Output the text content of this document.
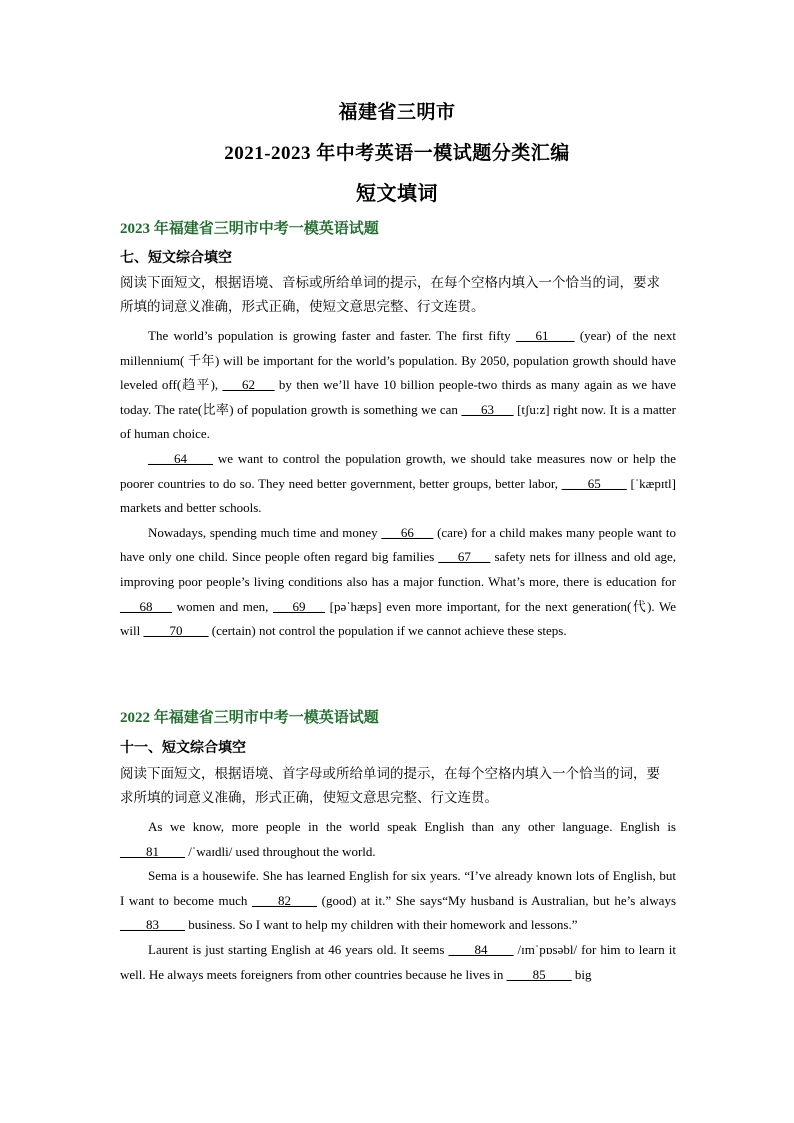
福建省三明市
2021-2023 年中考英语一模试题分类汇编
短文填词
2023 年福建省三明市中考一模英语试题
七、短文综合填空

阅读下面短文，根据语境、音标或所给单词的提示，在每个空格内填入一个恰当的词，要求

所填的词意义准确，形式正确，使短文意思完整、行文连贯。

The world’s population is growing faster and faster. The first fifty ___61____ (year) of the next millennium( 千年) will be important for the world’s population. By 2050, population growth should have leveled off(趋平), ___62___ by then we’ll have 10 billion people-two thirds as many again as we have today. The rate(比率) of population growth is something we can ___63___ [tʃu:z] right now. It is a matter of human choice.

____64____ we want to control the population growth, we should take measures now or help the poorer countries to do so. They need better government, better groups, better labor, ____65____ [ˈkæpɪtl] markets and better schools.

Nowadays, spending much time and money ___66___ (care) for a child makes many people want to have only one child. Since people often regard big families ___67___ safety nets for illness and old age, improving poor people’s living conditions also has a major function. What’s more, there is education for ___68___ women and men, ___69___ [pəˈhæps] even more important, for the next generation(代). We will ____70____ (certain) not control the population if we cannot achieve these steps.

2022 年福建省三明市中考一模英语试题
十一、短文综合填空

阅读下面短文，根据语境、首字母或所给单词的提示，在每个空格内填入一个恰当的词，要

求所填的词意义准确，形式正确，使短文意思完整、行文连贯。

As we know, more people in the world speak English than any other language. English is ____81____ /ˈwaɪdli/ used throughout the world.

Sema is a housewife. She has learned English for six years. “I’ve already known lots of English, but I want to become much ____82____ (good) at it.” She says“My husband is Australian, but he’s always ____83____ business. So I want to help my children with their homework and lessons.”

Laurent is just starting English at 46 years old. It seems ____84____ /ɪmˈpɒsəbl/ for him to learn it well. He always meets foreigners from other countries because he lives in ____85____ big
